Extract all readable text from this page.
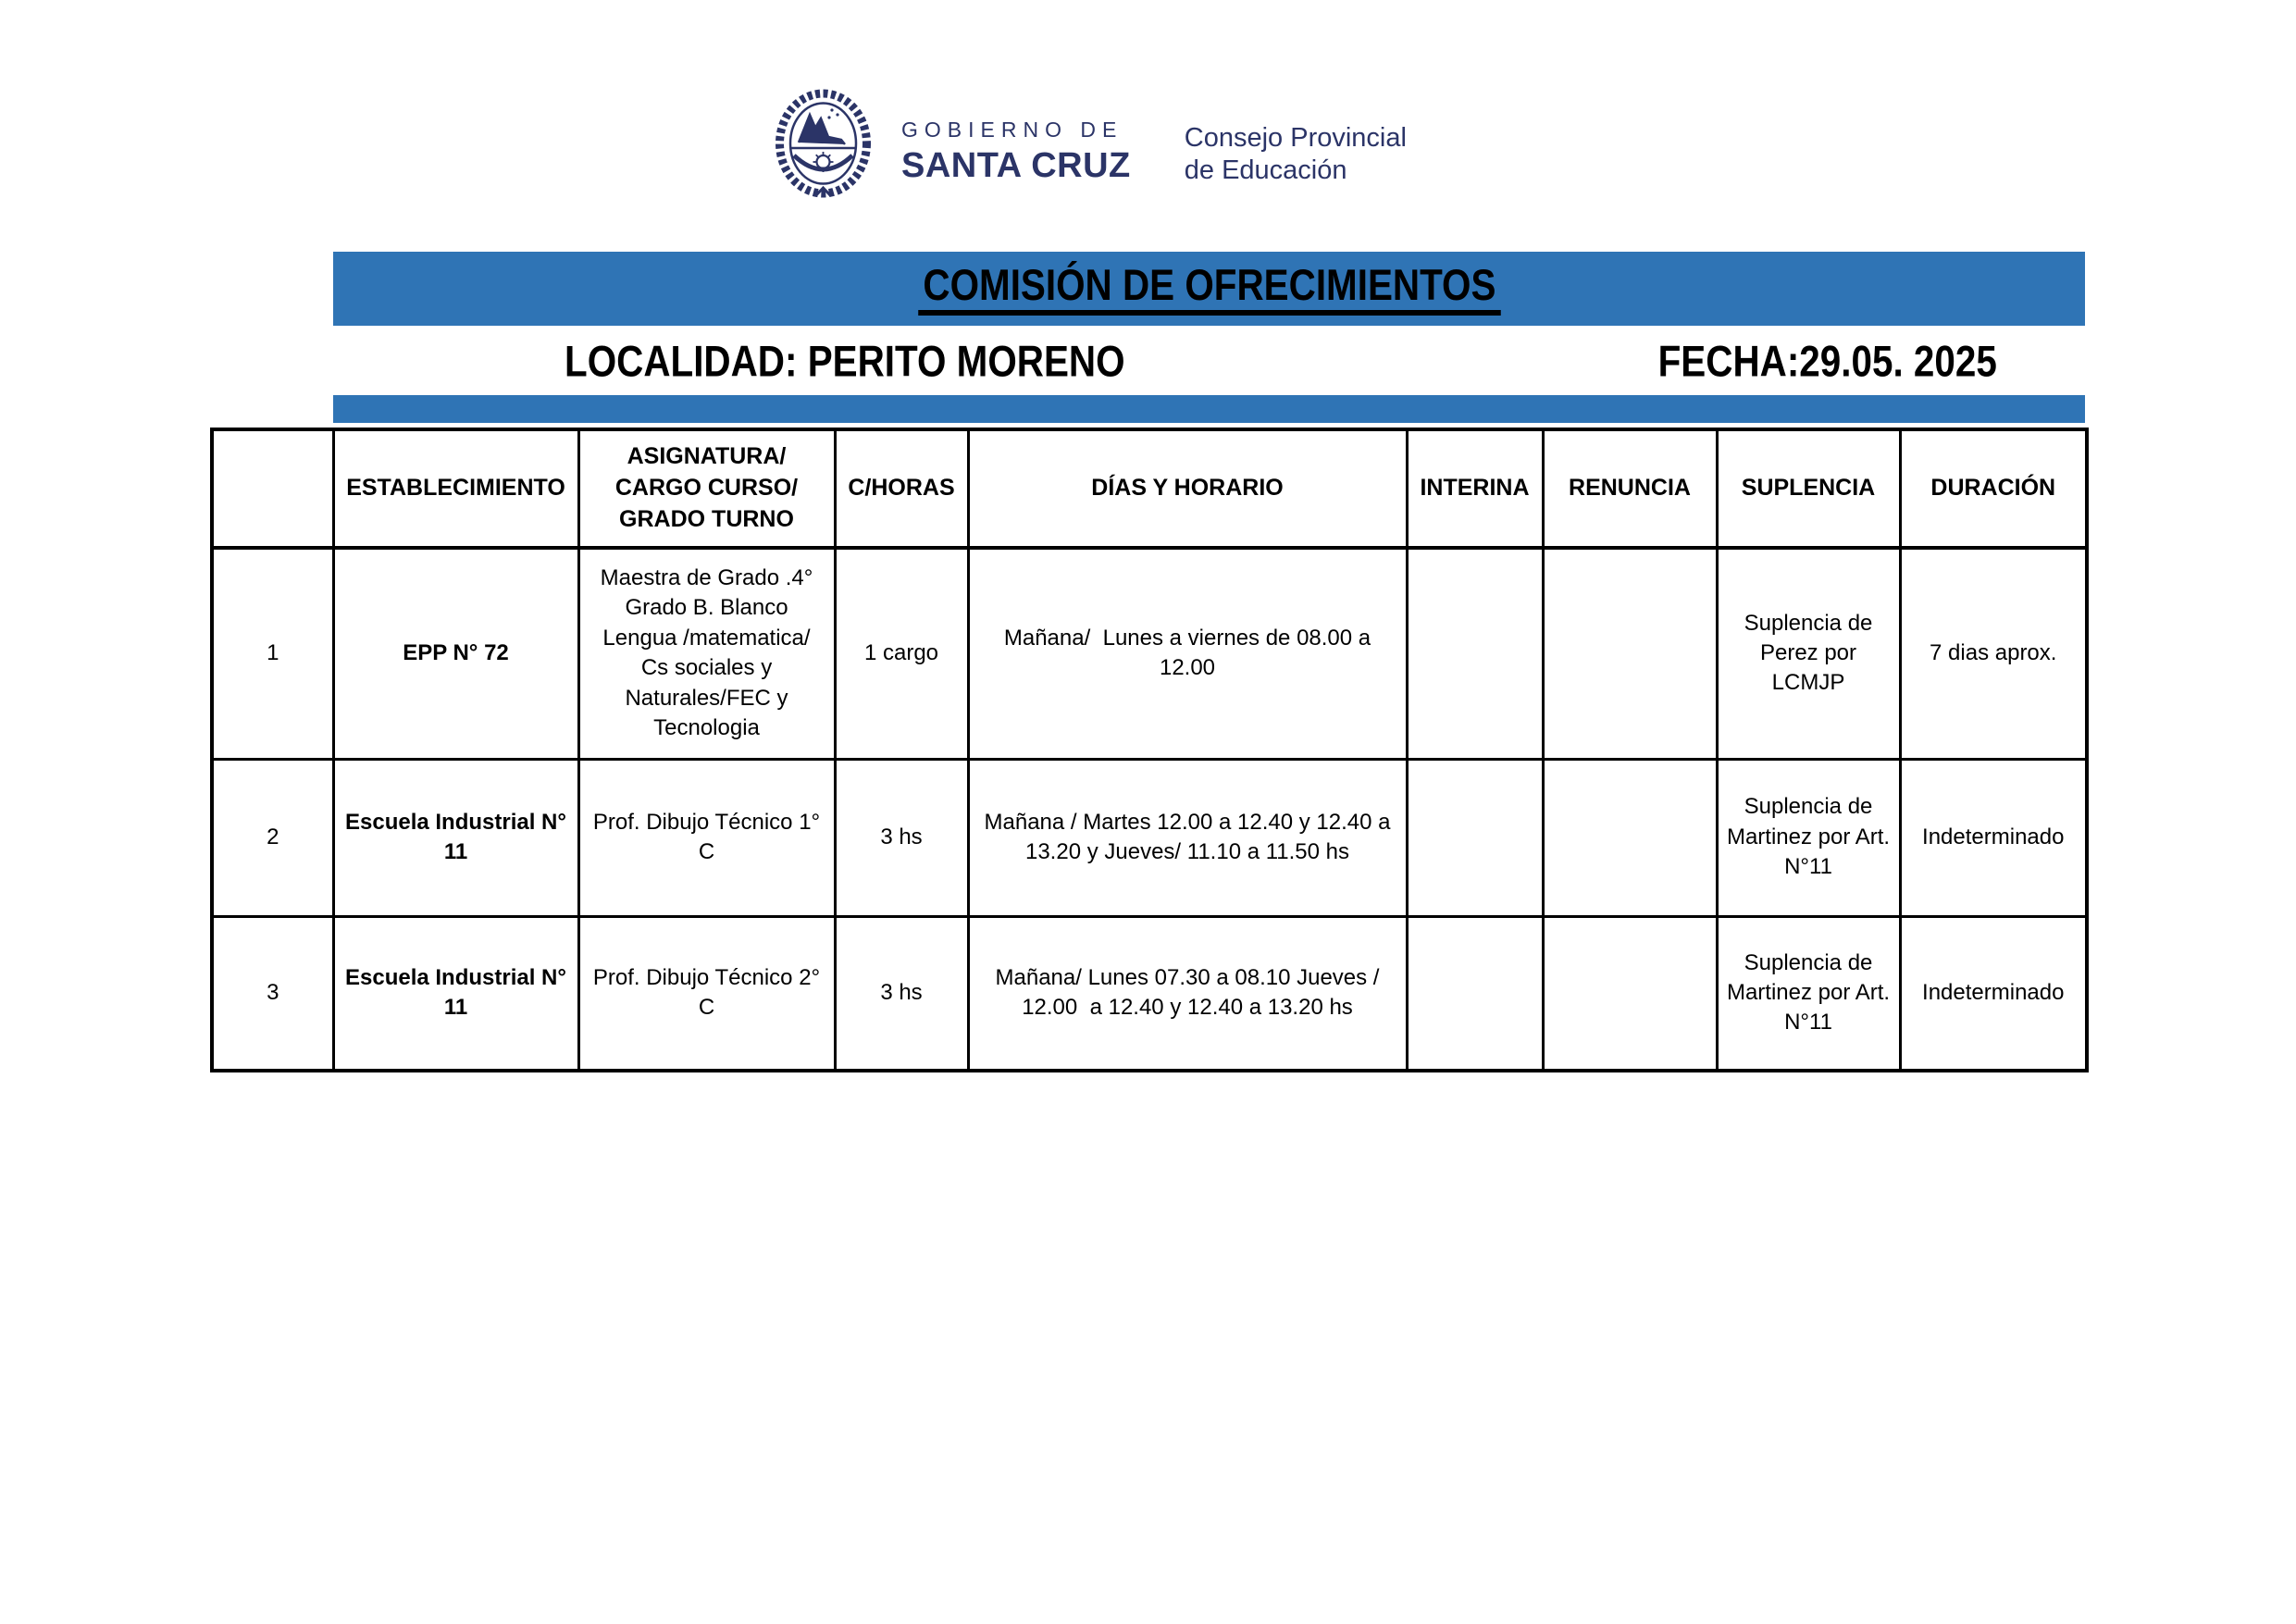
GOBIERNO DE
SANTA CRUZ
Consejo Provincial
de Educación
COMISIÓN DE OFRECIMIENTOS
LOCALIDAD: PERITO MORENO	FECHA:29.05. 2025
	ESTABLECIMIENTO	ASIGNATURA/ CARGO CURSO/ GRADO TURNO	C/HORAS	DÍAS Y HORARIO	INTERINA	RENUNCIA	SUPLENCIA	DURACIÓN
1	EPP N° 72	Maestra de Grado .4° Grado B. Blanco Lengua /matematica/ Cs sociales y Naturales/FEC y Tecnologia	1 cargo	Mañana/  Lunes a viernes de 08.00 a 12.00			Suplencia de Perez por LCMJP	7 dias aprox.
2	Escuela Industrial N° 11	Prof. Dibujo Técnico 1° C	3 hs	Mañana / Martes 12.00 a 12.40 y 12.40 a 13.20 y Jueves/ 11.10 a 11.50 hs			Suplencia de Martinez por Art. N°11	Indeterminado
3	Escuela Industrial N° 11	Prof. Dibujo Técnico 2° C	3 hs	Mañana/ Lunes 07.30 a 08.10 Jueves / 12.00  a 12.40 y 12.40 a 13.20 hs			Suplencia de Martinez por Art. N°11	Indeterminado
